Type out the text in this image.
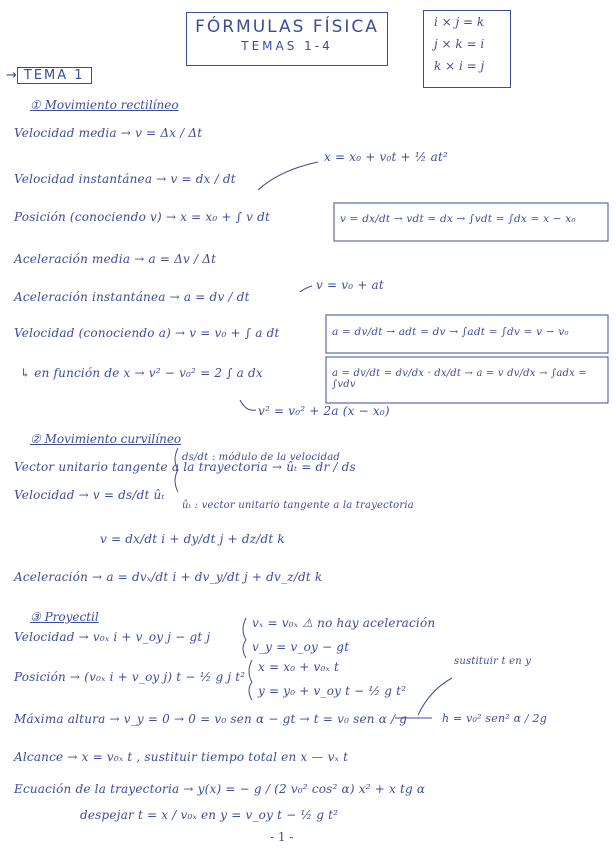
FÓRMULAS FÍSICA
TEMAS 1-4
i × j = k
j × k = i
k × i = j
→ TEMA 1
① Movimiento rectilíneo
Velocidad media → v = Δx / Δt
Velocidad instantánea → v = dx / dt
x = x₀ + v₀t + ½ at²
Posición (conociendo v) → x = x₀ + ∫ v dt	v = dx/dt → vdt = dx → ∫vdt = ∫dx = x − x₀
Aceleración media → a = Δv / Δt
v = v₀ + at
Aceleración instantánea → a = dv / dt
Velocidad (conociendo a) → v = v₀ + ∫ a dt	a = dv/dt → adt = dv → ∫adt = ∫dv = v − v₀
↳ en función de x → v² − v₀² = 2 ∫ a dx	a = dv/dt = dv/dx · dx/dt → a = v dv/dx → ∫adx = ∫vdv
v² = v₀² + 2a (x − x₀)
② Movimiento curvilíneo
Vector unitario tangente a la trayectoria → ûₜ = dr / ds
Velocidad → v = ds/dt ûₜ
ds/dt : módulo de la velocidad
ûₜ : vector unitario tangente a la trayectoria
v = dx/dt i + dy/dt j + dz/dt k
Aceleración → a = dvₓ/dt i + dv_y/dt j + dv_z/dt k
③ Proyectil
Velocidad → v₀ₓ i + v_oy j − gt j
vₓ = v₀ₓ ⚠ no hay aceleración
v_y = v_oy − gt
Posición → (v₀ₓ i + v_oy j) t − ½ g j t²
x = x₀ + v₀ₓ t
y = y₀ + v_oy t − ½ g t²
sustituir t en y
Máxima altura → v_y = 0 → 0 = v₀ sen α − gt → t = v₀ sen α / g	h = v₀² sen² α / 2g
Alcance → x = v₀ₓ t , sustituir tiempo total en x — vₓ t
Ecuación de la trayectoria → y(x) = − g / (2 v₀² cos² α) x² + x tg α
despejar t = x / v₀ₓ en y = v_oy t − ½ g t²
- 1 -
